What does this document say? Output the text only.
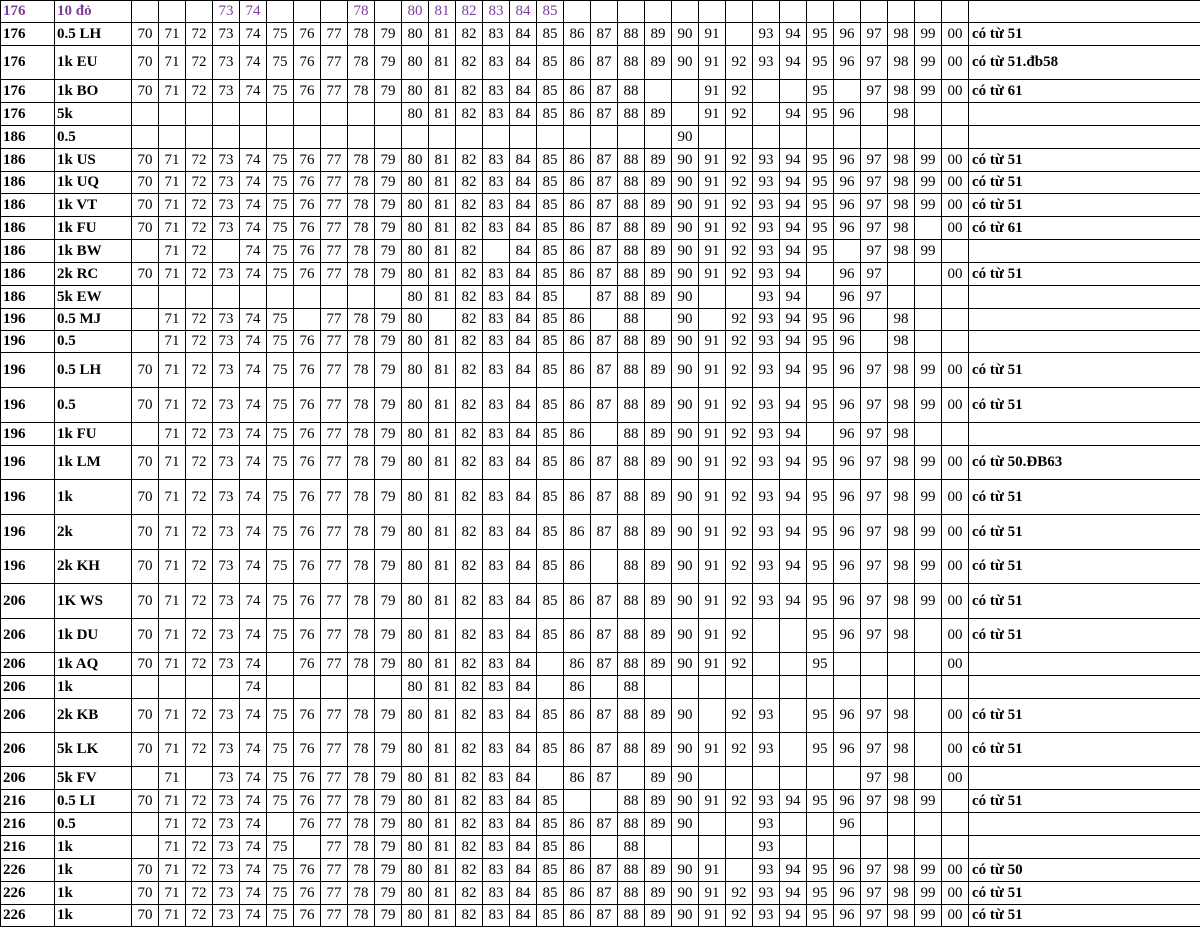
176	10 đỏ				73	74				78		80	81	82	83	84	85																
176	0.5 LH	70	71	72	73	74	75	76	77	78	79	80	81	82	83	84	85	86	87	88	89	90	91		93	94	95	96	97	98	99	00	có từ 51
176	1k EU	70	71	72	73	74	75	76	77	78	79	80	81	82	83	84	85	86	87	88	89	90	91	92	93	94	95	96	97	98	99	00	có từ 51.đb58
176	1k BO	70	71	72	73	74	75	76	77	78	79	80	81	82	83	84	85	86	87	88			91	92			95		97	98	99	00	có từ 61
176	5k											80	81	82	83	84	85	86	87	88	89		91	92		94	95	96		98			
186	0.5																					90											
186	1k US	70	71	72	73	74	75	76	77	78	79	80	81	82	83	84	85	86	87	88	89	90	91	92	93	94	95	96	97	98	99	00	có từ 51
186	1k UQ	70	71	72	73	74	75	76	77	78	79	80	81	82	83	84	85	86	87	88	89	90	91	92	93	94	95	96	97	98	99	00	có từ 51
186	1k VT	70	71	72	73	74	75	76	77	78	79	80	81	82	83	84	85	86	87	88	89	90	91	92	93	94	95	96	97	98	99	00	có từ 51
186	1k FU	70	71	72	73	74	75	76	77	78	79	80	81	82	83	84	85	86	87	88	89	90	91	92	93	94	95	96	97	98		00	có từ 61
186	1k BW		71	72		74	75	76	77	78	79	80	81	82		84	85	86	87	88	89	90	91	92	93	94	95		97	98	99		
186	2k RC	70	71	72	73	74	75	76	77	78	79	80	81	82	83	84	85	86	87	88	89	90	91	92	93	94		96	97			00	có từ 51
186	5k EW											80	81	82	83	84	85		87	88	89	90			93	94		96	97				
196	0.5 MJ		71	72	73	74	75		77	78	79	80		82	83	84	85	86		88		90		92	93	94	95	96		98			
196	0.5		71	72	73	74	75	76	77	78	79	80	81	82	83	84	85	86	87	88	89	90	91	92	93	94	95	96		98			
196	0.5 LH	70	71	72	73	74	75	76	77	78	79	80	81	82	83	84	85	86	87	88	89	90	91	92	93	94	95	96	97	98	99	00	có từ 51
196	0.5	70	71	72	73	74	75	76	77	78	79	80	81	82	83	84	85	86	87	88	89	90	91	92	93	94	95	96	97	98	99	00	có từ 51
196	1k FU		71	72	73	74	75	76	77	78	79	80	81	82	83	84	85	86		88	89	90	91	92	93	94		96	97	98			
196	1k LM	70	71	72	73	74	75	76	77	78	79	80	81	82	83	84	85	86	87	88	89	90	91	92	93	94	95	96	97	98	99	00	có từ 50.ĐB63
196	1k	70	71	72	73	74	75	76	77	78	79	80	81	82	83	84	85	86	87	88	89	90	91	92	93	94	95	96	97	98	99	00	có từ 51
196	2k	70	71	72	73	74	75	76	77	78	79	80	81	82	83	84	85	86	87	88	89	90	91	92	93	94	95	96	97	98	99	00	có từ 51
196	2k KH	70	71	72	73	74	75	76	77	78	79	80	81	82	83	84	85	86		88	89	90	91	92	93	94	95	96	97	98	99	00	có từ 51
206	1K WS	70	71	72	73	74	75	76	77	78	79	80	81	82	83	84	85	86	87	88	89	90	91	92	93	94	95	96	97	98	99	00	có từ 51
206	1k DU	70	71	72	73	74	75	76	77	78	79	80	81	82	83	84	85	86	87	88	89	90	91	92			95	96	97	98		00	có từ 51
206	1k AQ	70	71	72	73	74		76	77	78	79	80	81	82	83	84		86	87	88	89	90	91	92			95					00	
206	1k					74						80	81	82	83	84		86		88													
206	2k KB	70	71	72	73	74	75	76	77	78	79	80	81	82	83	84	85	86	87	88	89	90		92	93		95	96	97	98		00	có từ 51
206	5k LK	70	71	72	73	74	75	76	77	78	79	80	81	82	83	84	85	86	87	88	89	90	91	92	93		95	96	97	98		00	có từ 51
206	5k FV		71		73	74	75	76	77	78	79	80	81	82	83	84		86	87		89	90							97	98		00	
216	0.5 LI	70	71	72	73	74	75	76	77	78	79	80	81	82	83	84	85			88	89	90	91	92	93	94	95	96	97	98	99		có từ 51
216	0.5		71	72	73	74		76	77	78	79	80	81	82	83	84	85	86	87	88	89	90			93			96					
216	1k		71	72	73	74	75		77	78	79	80	81	82	83	84	85	86		88					93								
226	1k	70	71	72	73	74	75	76	77	78	79	80	81	82	83	84	85	86	87	88	89	90	91		93	94	95	96	97	98	99	00	có từ 50
226	1k	70	71	72	73	74	75	76	77	78	79	80	81	82	83	84	85	86	87	88	89	90	91	92	93	94	95	96	97	98	99	00	có từ 51
226	1k	70	71	72	73	74	75	76	77	78	79	80	81	82	83	84	85	86	87	88	89	90	91	92	93	94	95	96	97	98	99	00	có từ 51
